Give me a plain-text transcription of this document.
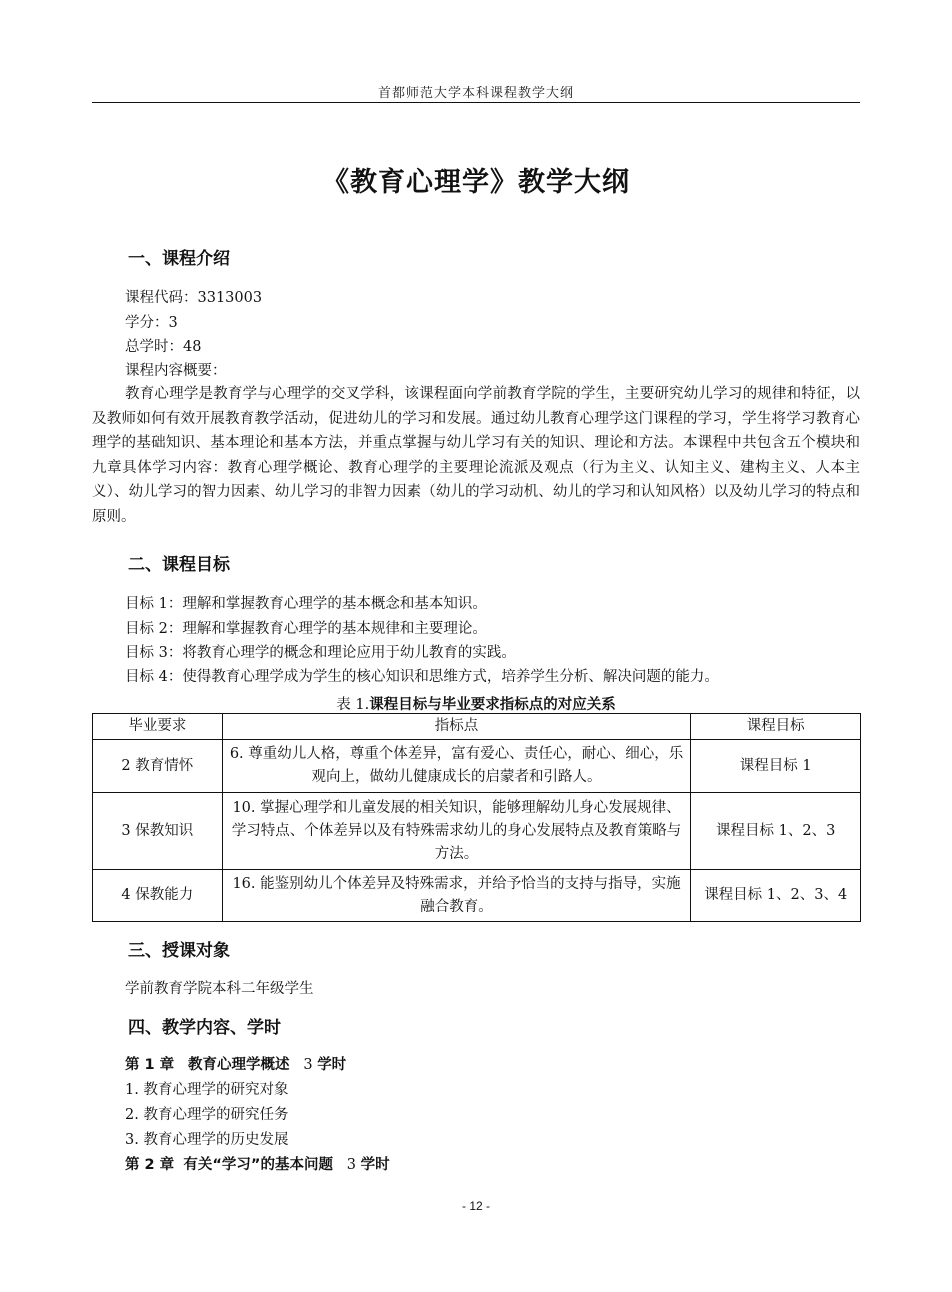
首都师范大学本科课程教学大纲
《教育心理学》教学大纲
一、课程介绍
课程代码：3313003
学分：3
总学时：48
课程内容概要：
教育心理学是教育学与心理学的交叉学科，该课程面向学前教育学院的学生，主要研究幼儿学习的规律和特征，以及教师如何有效开展教育教学活动，促进幼儿的学习和发展。通过幼儿教育心理学这门课程的学习，学生将学习教育心理学的基础知识、基本理论和基本方法，并重点掌握与幼儿学习有关的知识、理论和方法。本课程中共包含五个模块和九章具体学习内容：教育心理学概论、教育心理学的主要理论流派及观点（行为主义、认知主义、建构主义、人本主义）、幼儿学习的智力因素、幼儿学习的非智力因素（幼儿的学习动机、幼儿的学习和认知风格）以及幼儿学习的特点和原则。
二、课程目标
目标 1：理解和掌握教育心理学的基本概念和基本知识。
目标 2：理解和掌握教育心理学的基本规律和主要理论。
目标 3：将教育心理学的概念和理论应用于幼儿教育的实践。
目标 4：使得教育心理学成为学生的核心知识和思维方式，培养学生分析、解决问题的能力。
表 1.课程目标与毕业要求指标点的对应关系
毕业要求	指标点	课程目标
2 教育情怀	6. 尊重幼儿人格，尊重个体差异，富有爱心、责任心，耐心、细心，乐观向上，做幼儿健康成长的启蒙者和引路人。	课程目标 1
3 保教知识	10. 掌握心理学和儿童发展的相关知识，能够理解幼儿身心发展规律、学习特点、个体差异以及有特殊需求幼儿的身心发展特点及教育策略与方法。	课程目标 1、2、3
4 保教能力	16. 能鉴别幼儿个体差异及特殊需求，并给予恰当的支持与指导，实施融合教育。	课程目标 1、2、3、4
三、授课对象
学前教育学院本科二年级学生
四、教学内容、学时
第 1 章 教育心理学概述 3 学时
1. 教育心理学的研究对象
2. 教育心理学的研究任务
3. 教育心理学的历史发展
第 2 章 有关“学习”的基本问题 3 学时
- 12 -
